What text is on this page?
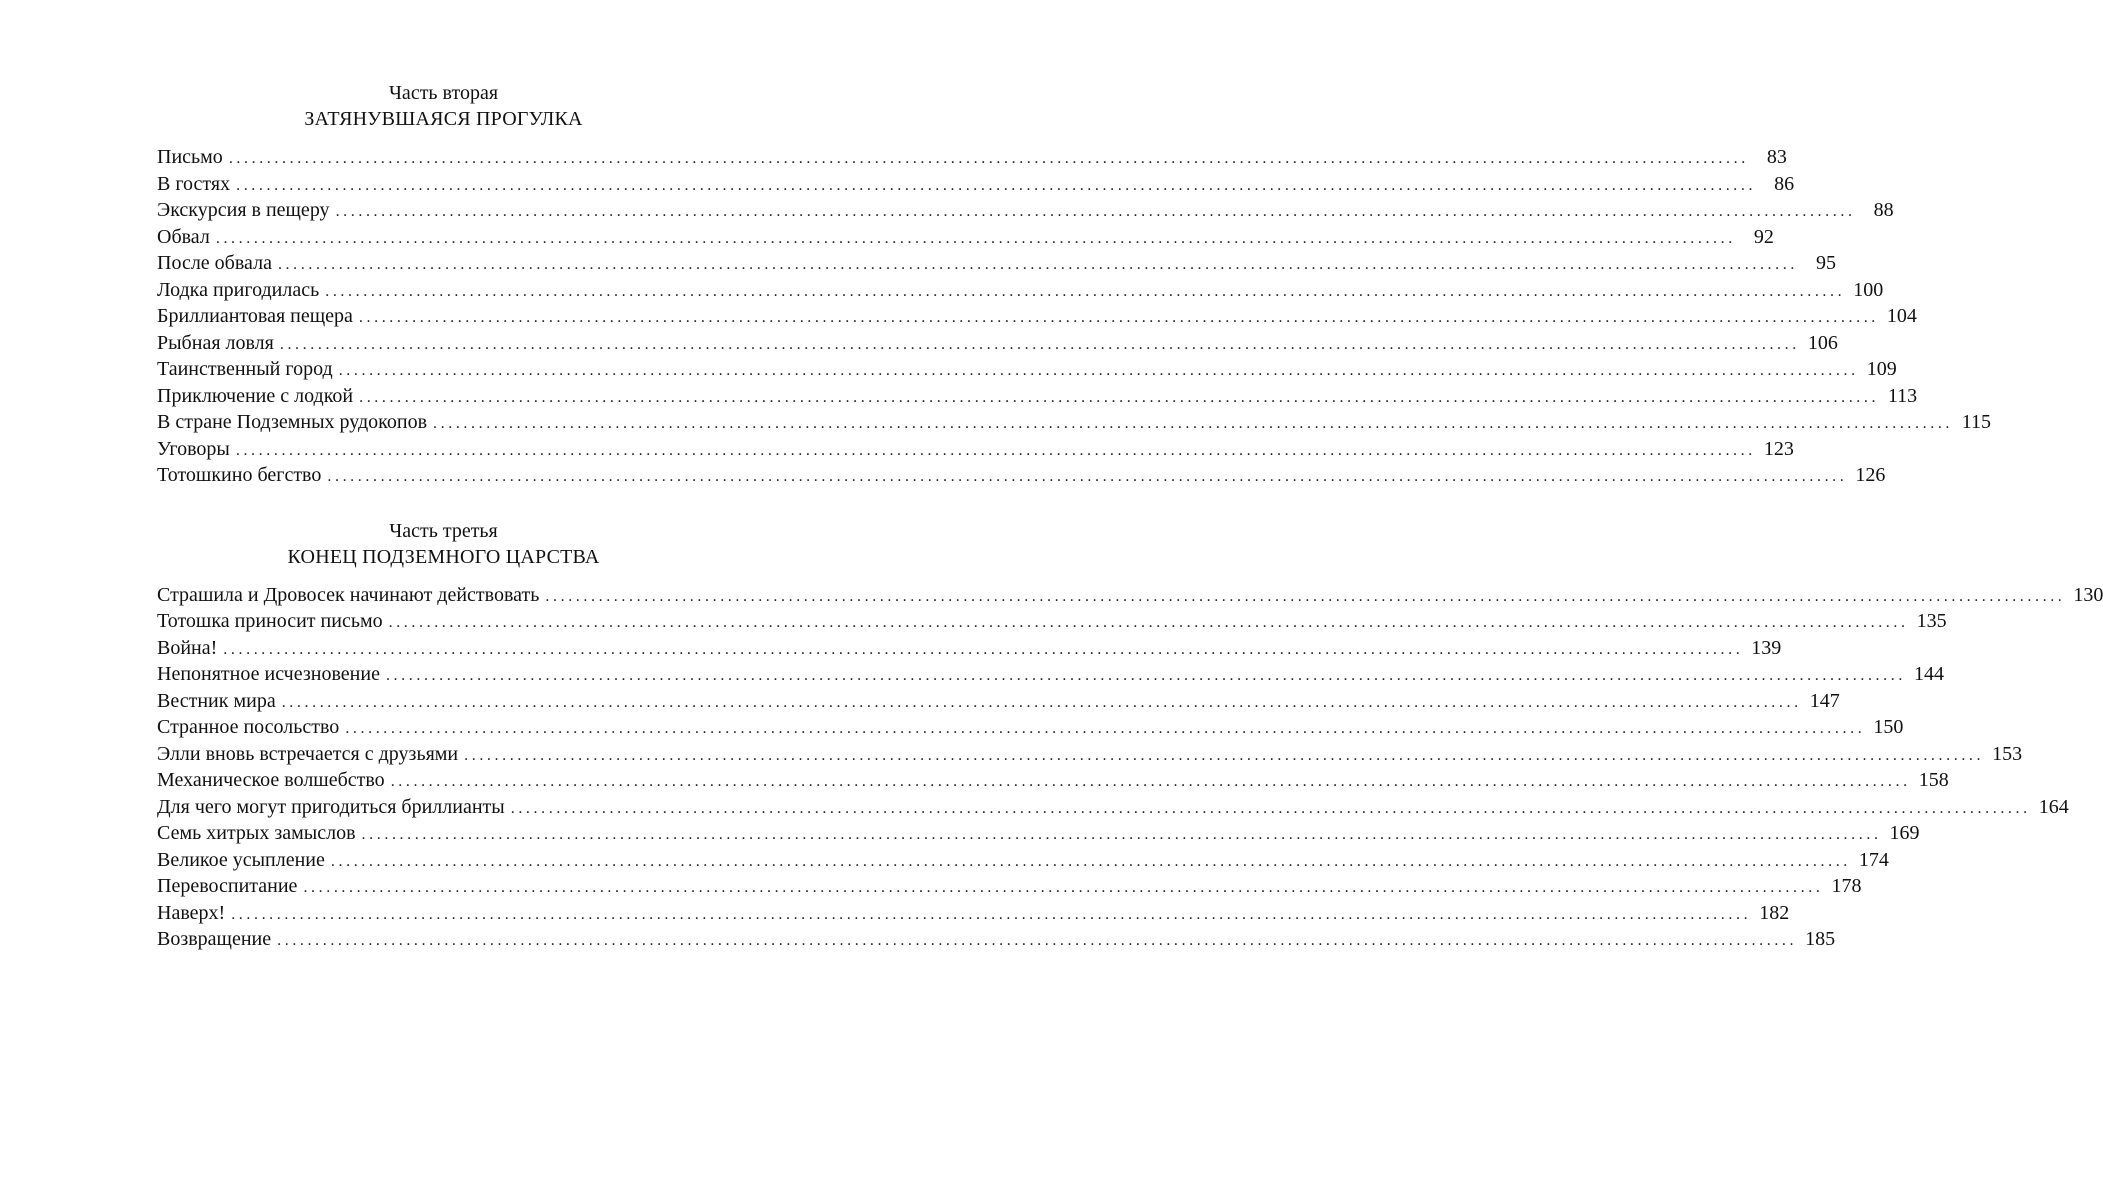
Часть вторая
ЗАТЯНУВШАЯСЯ ПРОГУЛКА
Письмо ........................................................................................................................................................................................................ 83
В гостях ........................................................................................................................................................................................................ 86
Экскурсия в пещеру ........................................................................................................................................................................................................ 88
Обвал ........................................................................................................................................................................................................ 92
После обвала ........................................................................................................................................................................................................ 95
Лодка пригодилась ........................................................................................................................................................................................................ 100
Бриллиантовая пещера ........................................................................................................................................................................................................ 104
Рыбная ловля ........................................................................................................................................................................................................ 106
Таинственный город ........................................................................................................................................................................................................ 109
Приключение с лодкой ........................................................................................................................................................................................................ 113
В стране Подземных рудокопов ........................................................................................................................................................................................................ 115
Уговоры ........................................................................................................................................................................................................ 123
Тотошкино бегство ........................................................................................................................................................................................................ 126
Часть третья
КОНЕЦ ПОДЗЕМНОГО ЦАРСТВА
Страшила и Дровосек начинают действовать ........................................................................................................................................................................................................ 130
Тотошка приносит письмо ........................................................................................................................................................................................................ 135
Война! ........................................................................................................................................................................................................ 139
Непонятное исчезновение ........................................................................................................................................................................................................ 144
Вестник мира ........................................................................................................................................................................................................ 147
Странное посольство ........................................................................................................................................................................................................ 150
Элли вновь встречается с друзьями ........................................................................................................................................................................................................ 153
Механическое волшебство ........................................................................................................................................................................................................ 158
Для чего могут пригодиться бриллианты ........................................................................................................................................................................................................ 164
Семь хитрых замыслов ........................................................................................................................................................................................................ 169
Великое усыпление ........................................................................................................................................................................................................ 174
Перевоспитание ........................................................................................................................................................................................................ 178
Наверх! ........................................................................................................................................................................................................ 182
Возвращение ........................................................................................................................................................................................................ 185
